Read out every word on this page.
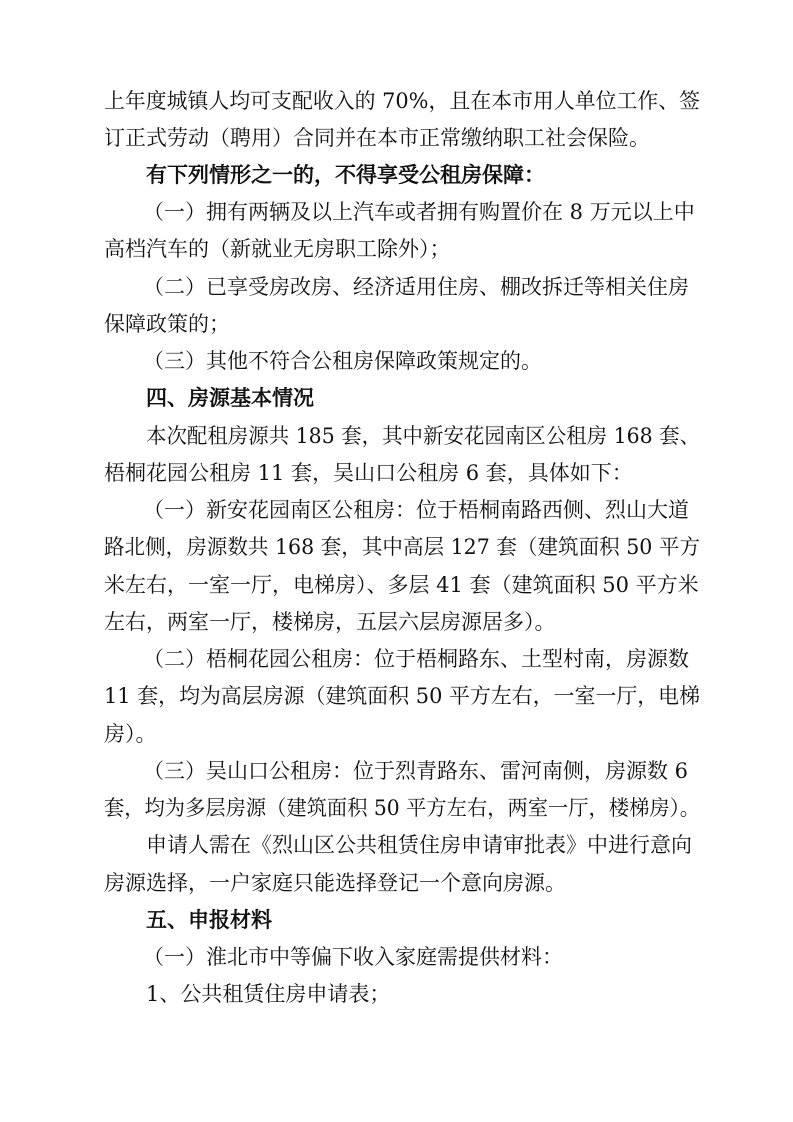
上年度城镇人均可支配收入的 70%，且在本市用人单位工作、签
订正式劳动（聘用）合同并在本市正常缴纳职工社会保险。
有下列情形之一的，不得享受公租房保障：
（一）拥有两辆及以上汽车或者拥有购置价在 8 万元以上中
高档汽车的（新就业无房职工除外）；
（二）已享受房改房、经济适用住房、棚改拆迁等相关住房
保障政策的；
（三）其他不符合公租房保障政策规定的。
四、房源基本情况
本次配租房源共 185 套，其中新安花园南区公租房 168 套、
梧桐花园公租房 11 套，吴山口公租房 6 套，具体如下：
（一）新安花园南区公租房：位于梧桐南路西侧、烈山大道
路北侧，房源数共 168 套，其中高层 127 套（建筑面积 50 平方
米左右，一室一厅，电梯房）、多层 41 套（建筑面积 50 平方米
左右，两室一厅，楼梯房，五层六层房源居多）。
（二）梧桐花园公租房：位于梧桐路东、土型村南，房源数
11 套，均为高层房源（建筑面积 50 平方左右，一室一厅，电梯
房）。
（三）吴山口公租房：位于烈青路东、雷河南侧，房源数 6
套，均为多层房源（建筑面积 50 平方左右，两室一厅，楼梯房）。
申请人需在《烈山区公共租赁住房申请审批表》中进行意向
房源选择，一户家庭只能选择登记一个意向房源。
五、申报材料
（一）淮北市中等偏下收入家庭需提供材料：
1、公共租赁住房申请表；
